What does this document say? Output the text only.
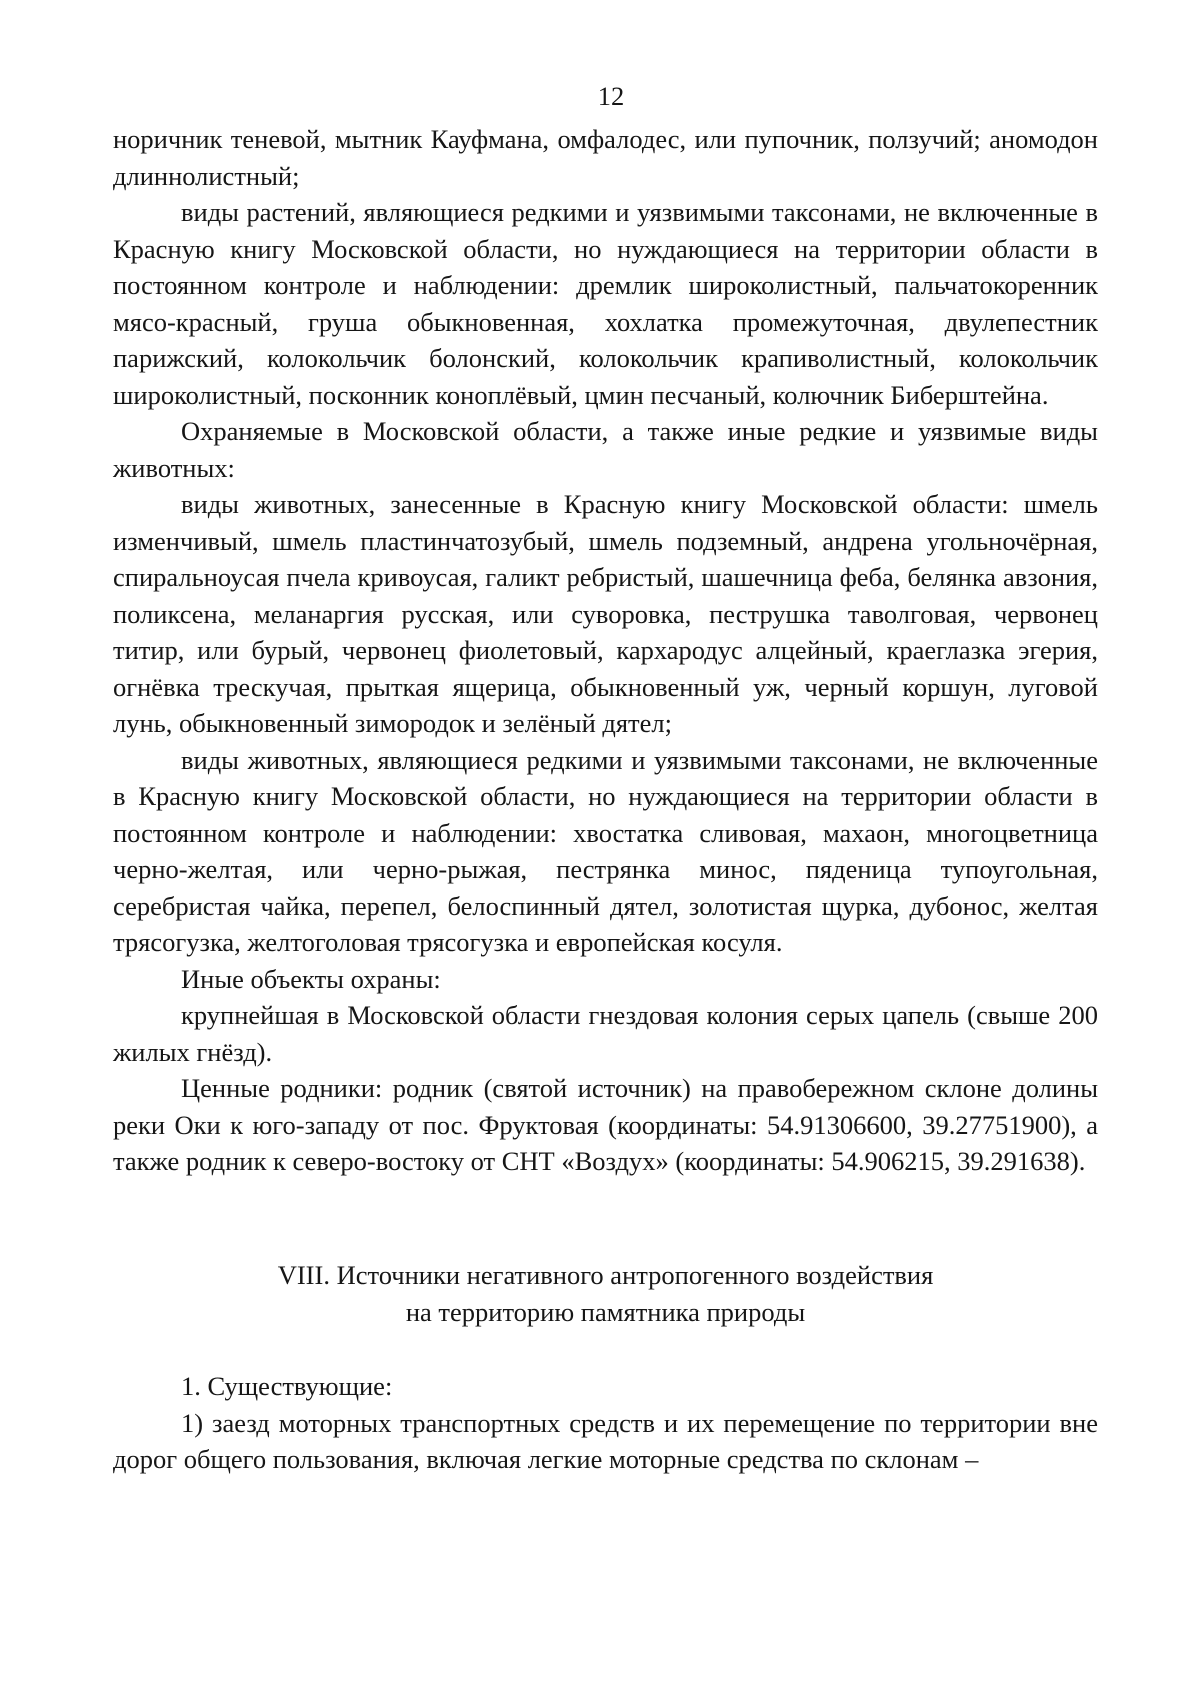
12

норичник теневой, мытник Кауфмана, омфалодес, или пупочник, ползучий; аномодон длиннолистный;

виды растений, являющиеся редкими и уязвимыми таксонами, не включенные в Красную книгу Московской области, но нуждающиеся на территории области в постоянном контроле и наблюдении: дремлик широколистный, пальчатокоренник мясо-красный, груша обыкновенная, хохлатка промежуточная, двулепестник парижский, колокольчик болонский, колокольчик крапиволистный, колокольчик широколистный, посконник коноплёвый, цмин песчаный, колючник Биберштейна.

Охраняемые в Московской области, а также иные редкие и уязвимые виды животных:

виды животных, занесенные в Красную книгу Московской области: шмель изменчивый, шмель пластинчатозубый, шмель подземный, андрена угольночёрная, спиральноусая пчела кривоусая, галикт ребристый, шашечница феба, белянка авзония, поликсена, меланаргия русская, или суворовка, пеструшка таволговая, червонец титир, или бурый, червонец фиолетовый, кархародус алцейный, краеглазка эгерия, огнёвка трескучая, прыткая ящерица, обыкновенный уж, черный коршун, луговой лунь, обыкновенный зимородок и зелёный дятел;

виды животных, являющиеся редкими и уязвимыми таксонами, не включенные в Красную книгу Московской области, но нуждающиеся на территории области в постоянном контроле и наблюдении: хвостатка сливовая, махаон, многоцветница черно-желтая, или черно-рыжая, пестрянка минос, пяденица тупоугольная, серебристая чайка, перепел, белоспинный дятел, золотистая щурка, дубонос, желтая трясогузка, желтоголовая трясогузка и европейская косуля.

Иные объекты охраны:

крупнейшая в Московской области гнездовая колония серых цапель (свыше 200 жилых гнёзд).

Ценные родники: родник (святой источник) на правобережном склоне долины реки Оки к юго-западу от пос. Фруктовая (координаты: 54.91306600, 39.27751900), а также родник к северо-востоку от СНТ «Воздух» (координаты: 54.906215, 39.291638).

VIII. Источники негативного антропогенного воздействия
на территорию памятника природы

1. Существующие:

1) заезд моторных транспортных средств и их перемещение по территории вне дорог общего пользования, включая легкие моторные средства по склонам –
